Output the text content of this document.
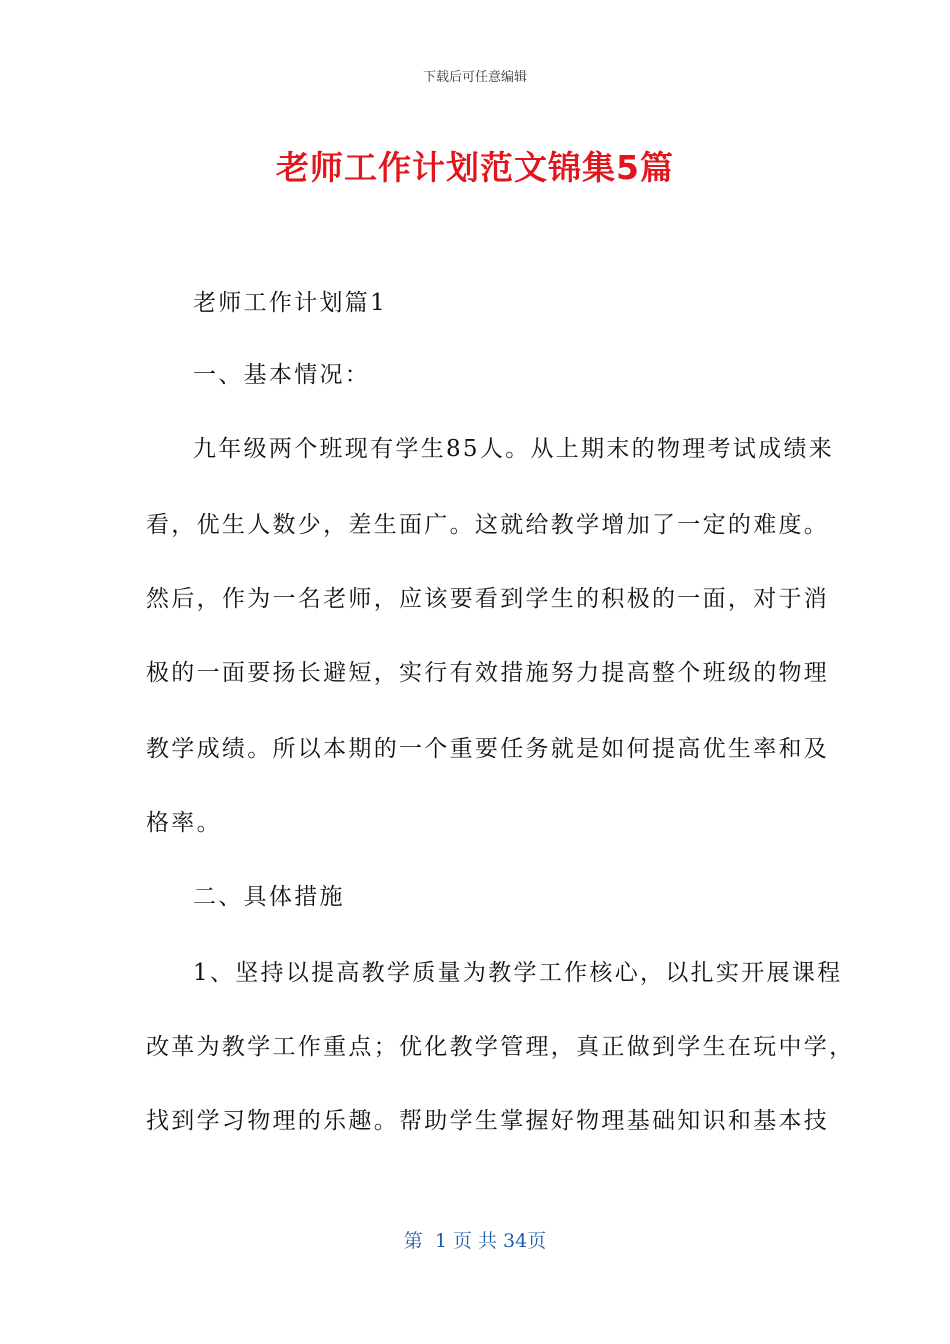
下载后可任意编辑
老师工作计划范文锦集5篇

老师工作计划篇1

一、基本情况：

九年级两个班现有学生85人。从上期末的物理考试成绩来

看，优生人数少，差生面广。这就给教学增加了一定的难度。

然后，作为一名老师，应该要看到学生的积极的一面，对于消

极的一面要扬长避短，实行有效措施努力提高整个班级的物理

教学成绩。所以本期的一个重要任务就是如何提高优生率和及

格率。

二、具体措施

1、坚持以提高教学质量为教学工作核心，以扎实开展课程

改革为教学工作重点；优化教学管理，真正做到学生在玩中学，

找到学习物理的乐趣。帮助学生掌握好物理基础知识和基本技

第  1 页 共 34页
